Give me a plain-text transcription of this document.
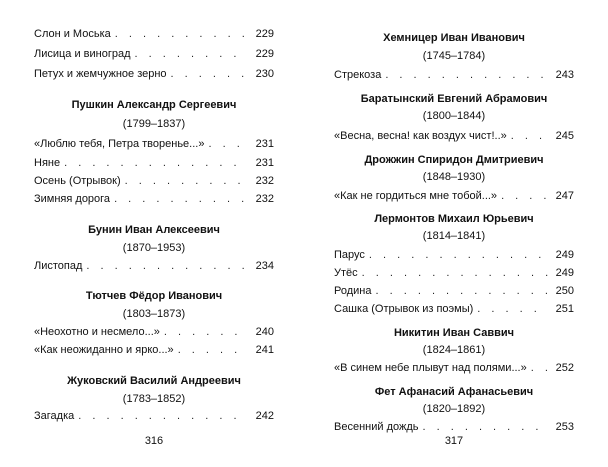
Слон и Моська . . .	229
Лисица и виноград . . .	229
Петух и жемчужное зерно . . .	230
Пушкин Александр Сергеевич
(1799–1837)
«Люблю тебя, Петра творенье...» . . .	231
Няне . . .	231
Осень (Отрывок) . . .	232
Зимняя дорога . . .	232
Бунин Иван Алексеевич
(1870–1953)
Листопад . . .	234
Тютчев Фёдор Иванович
(1803–1873)
«Неохотно и несмело...» . . .	240
«Как неожиданно и ярко...» . . .	241
Жуковский Василий Андреевич
(1783–1852)
Загадка . . .	242
316
Хемницер Иван Иванович
(1745–1784)
Стрекоза . . .	243
Баратынский Евгений Абрамович
(1800–1844)
«Весна, весна! как воздух чист!..» . . .	245
Дрожжин Спиридон Дмитриевич
(1848–1930)
«Как не гордиться мне тобой...» . . .	247
Лермонтов Михаил Юрьевич
(1814–1841)
Парус . . .	249
Утёс . . .	249
Родина . . .	250
Сашка (Отрывок из поэмы) . . .	251
Никитин Иван Саввич
(1824–1861)
«В синем небе плывут над полями...» . . .	252
Фет Афанасий Афанасьевич
(1820–1892)
Весенний дождь . . .	253
317
